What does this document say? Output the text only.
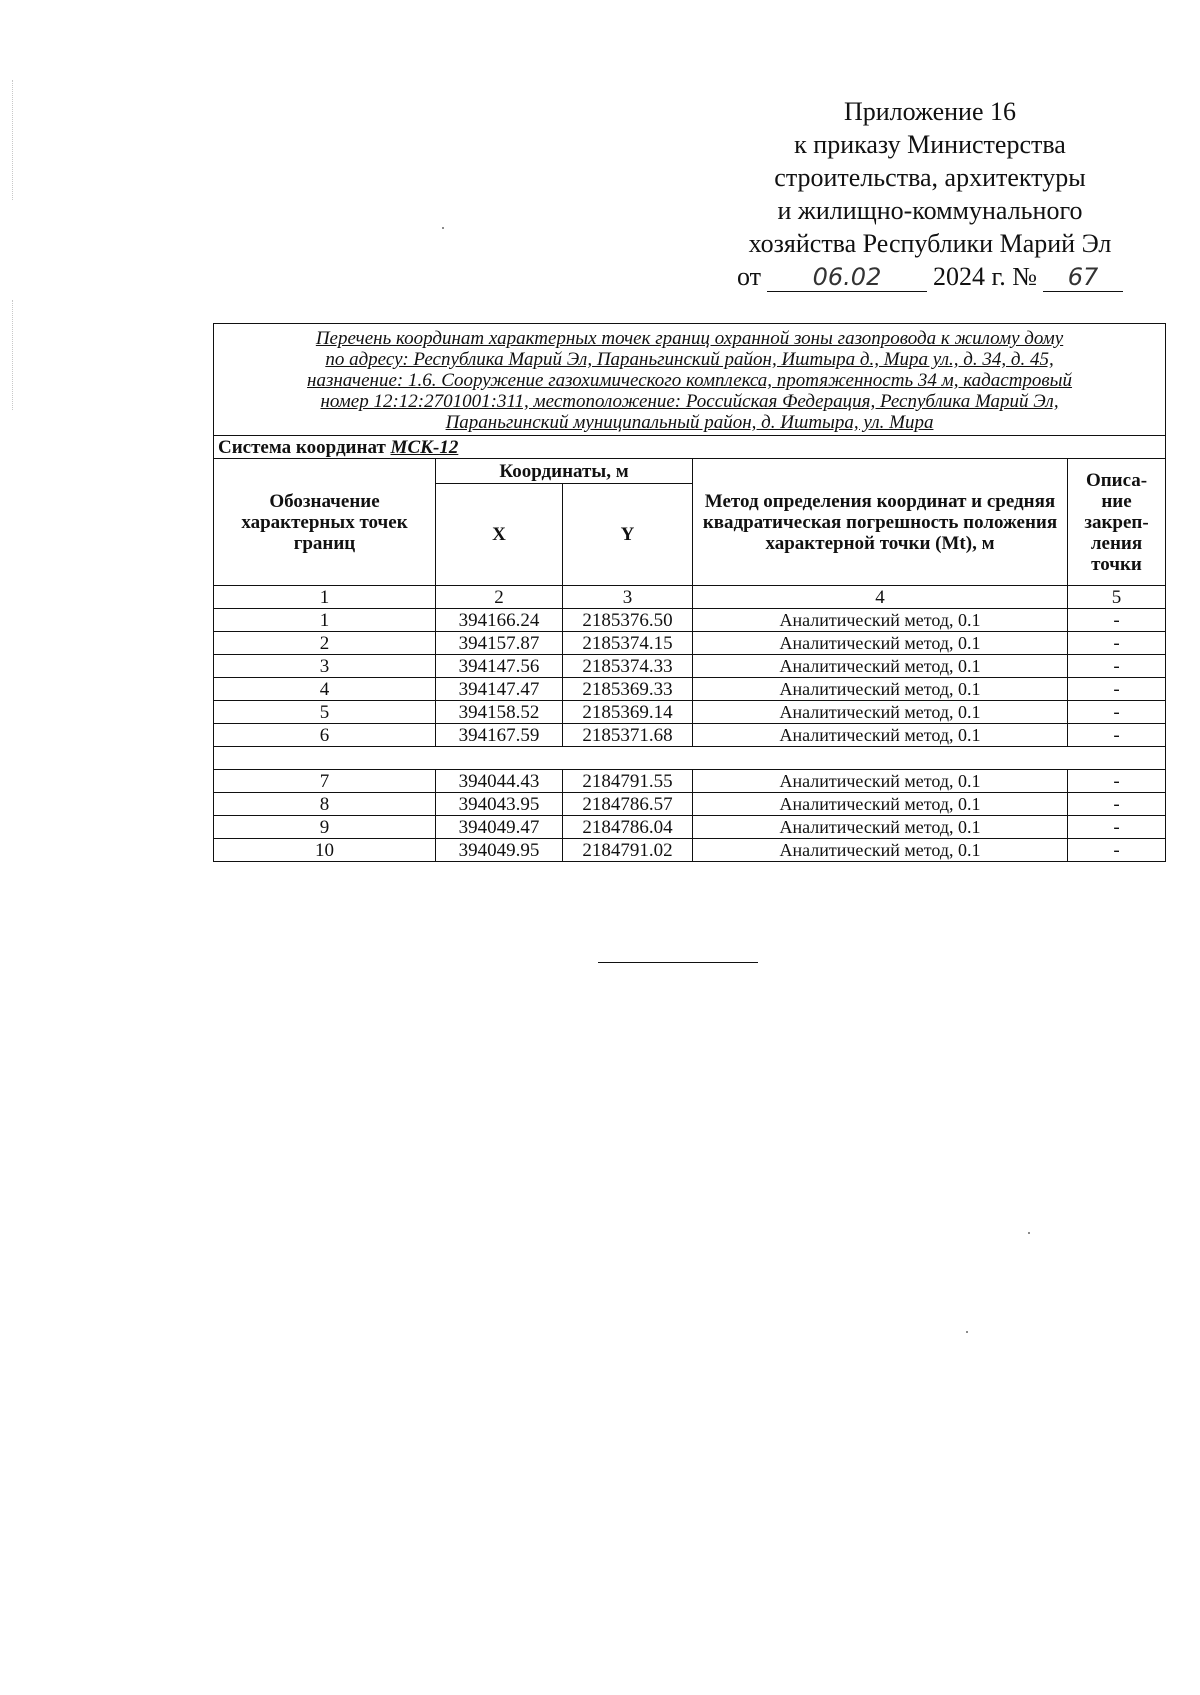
Приложение 16
к приказу Министерства
строительства, архитектуры
и жилищно-коммунального
хозяйства Республики Марий Эл
от	06.02	2024 г. №	67
Перечень координат характерных точек границ охранной зоны газопровода к жилому дому
по адресу: Республика Марий Эл, Параньгинский район, Иштыра д., Мира ул., д. 34, д. 45,
назначение: 1.6. Сооружение газохимического комплекса, протяженность 34 м, кадастровый
номер 12:12:2701001:311, местоположение: Российская Федерация, Республика Марий Эл,
Параньгинский муниципальный район, д. Иштыра, ул. Мира				

Система координат МСК-12				
Обозначение характерных точек границ	Координаты, м		Метод определения координат и средняя квадратическая погрешность положения характерной точки (Mt), м	Описа-ние закреп-ления точки
	X	Y		
1	2	3	4	5
1	394166.24	2185376.50	Аналитический метод, 0.1	-
2	394157.87	2185374.15	Аналитический метод, 0.1	-
3	394147.56	2185374.33	Аналитический метод, 0.1	-
4	394147.47	2185369.33	Аналитический метод, 0.1	-
5	394158.52	2185369.14	Аналитический метод, 0.1	-
6	394167.59	2185371.68	Аналитический метод, 0.1	-

7	394044.43	2184791.55	Аналитический метод, 0.1	-
8	394043.95	2184786.57	Аналитический метод, 0.1	-
9	394049.47	2184786.04	Аналитический метод, 0.1	-
10	394049.95	2184791.02	Аналитический метод, 0.1	-
